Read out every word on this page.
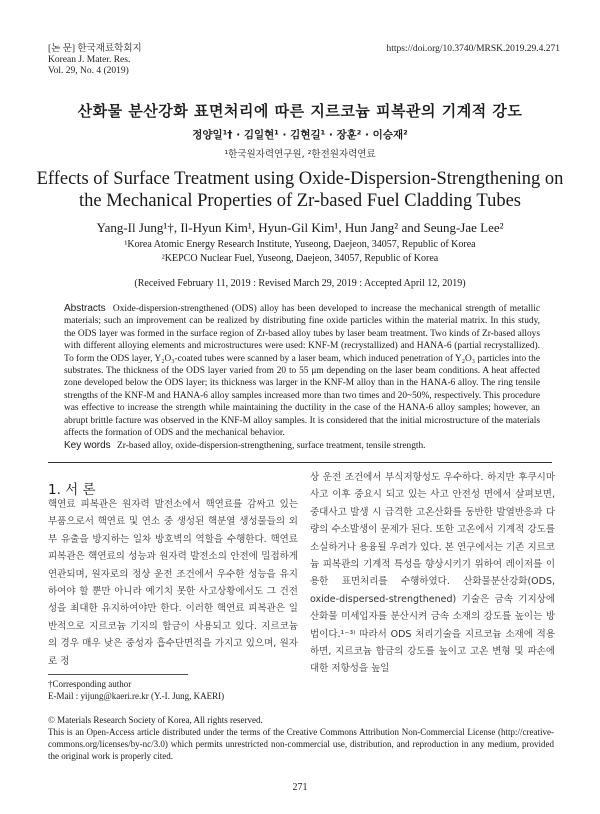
[논 문] 한국재료학회지
Korean J. Mater. Res.
Vol. 29, No. 4 (2019)
https://doi.org/10.3740/MRSK.2019.29.4.271
산화물 분산강화 표면처리에 따른 지르코늄 피복관의 기계적 강도
정양일¹† · 김일현¹ · 김현길¹ · 장훈² · 이승재²
¹한국원자력연구원, ²한전원자력연료
Effects of Surface Treatment using Oxide-Dispersion-Strengthening on
the Mechanical Properties of Zr-based Fuel Cladding Tubes
Yang-Il Jung¹†, Il-Hyun Kim¹, Hyun-Gil Kim¹, Hun Jang² and Seung-Jae Lee²
¹Korea Atomic Energy Research Institute, Yuseong, Daejeon, 34057, Republic of Korea
²KEPCO Nuclear Fuel, Yuseong, Daejeon, 34057, Republic of Korea
(Received February 11, 2019 : Revised March 29, 2019 : Accepted April 12, 2019)
Abstracts Oxide-dispersion-strengthened (ODS) alloy has been developed to increase the mechanical strength of metallic materials; such an improvement can be realized by distributing fine oxide particles within the material matrix. In this study, the ODS layer was formed in the surface region of Zr-based alloy tubes by laser beam treatment. Two kinds of Zr-based alloys with different alloying elements and microstructures were used: KNF-M (recrystallized) and HANA-6 (partial recrystallized). To form the ODS layer, Y₂O₃-coated tubes were scanned by a laser beam, which induced penetration of Y₂O₃ particles into the substrates. The thickness of the ODS layer varied from 20 to 55 μm depending on the laser beam conditions. A heat affected zone developed below the ODS layer; its thickness was larger in the KNF-M alloy than in the HANA-6 alloy. The ring tensile strengths of the KNF-M and HANA-6 alloy samples increased more than two times and 20~50%, respectively. This procedure was effective to increase the strength while maintaining the ductility in the case of the HANA-6 alloy samples; however, an abrupt brittle facture was observed in the KNF-M alloy samples. It is considered that the initial microstructure of the materials affects the formation of ODS and the mechanical behavior.
Key words Zr-based alloy, oxide-dispersion-strengthening, surface treatment, tensile strength.
1. 서 론
핵연료 피복관은 원자력 발전소에서 핵연료를 감싸고 있는 부품으로서 핵연료 및 연소 중 생성된 핵분열 생성물들의 외부 유출을 방지하는 일차 방호벽의 역할을 수행한다. 핵연료 피복관은 핵연료의 성능과 원자력 발전소의 안전에 밀접하게 연관되며, 원자로의 정상 운전 조건에서 우수한 성능을 유지하여야 할 뿐만 아니라 예기치 못한 사고상황에서도 그 건전성을 최대한 유지하여야만 한다. 이러한 핵연료 피복관은 일반적으로 지르코늄 기지의 합금이 사용되고 있다. 지르코늄의 경우 매우 낮은 중성자 흡수단면적을 가지고 있으며, 원자로 정
상 운전 조건에서 부식저항성도 우수하다. 하지만 후쿠시마 사고 이후 중요시 되고 있는 사고 안전성 면에서 살펴보면, 중대사고 발생 시 급격한 고온산화를 동반한 발열반응과 다량의 수소발생이 문제가 된다. 또한 고온에서 기계적 강도를 소실하거나 용융될 우려가 있다. 본 연구에서는 기존 지르코늄 피복관의 기계적 특성을 향상시키기 위하여 레이저를 이용한 표면처리를 수행하였다. 산화물분산강화(ODS, oxide-dispersed-strengthened) 기술은 금속 기지상에 산화물 미세입자를 분산시켜 금속 소재의 강도를 높이는 방법이다.¹⁻³⁾ 따라서 ODS 처리기술을 지르코늄 소재에 적용하면, 지르코늄 합금의 강도를 높이고 고온 변형 및 파손에 대한 저항성을 높일
†Corresponding author
E-Mail : yijung@kaeri.re.kr (Y.-I. Jung, KAERI)
© Materials Research Society of Korea, All rights reserved.
This is an Open-Access article distributed under the terms of the Creative Commons Attribution Non-Commercial License (http://creative-commons.org/licenses/by-nc/3.0) which permits unrestricted non-commercial use, distribution, and reproduction in any medium, provided the original work is properly cited.
271
